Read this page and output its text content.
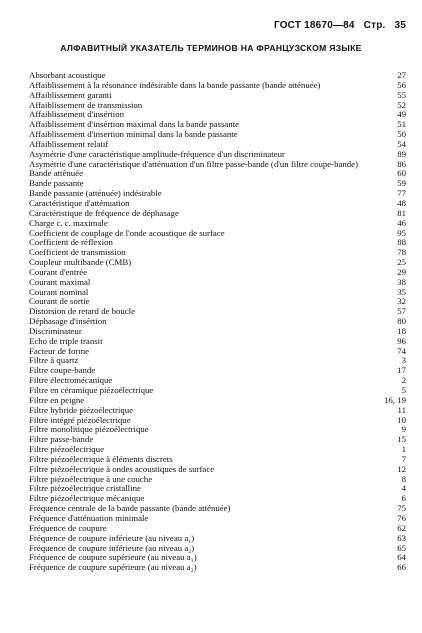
ГОСТ 18670—84 Стр. 35
АЛФАВИТНЫЙ УКАЗАТЕЛЬ ТЕРМИНОВ НА ФРАНЦУЗСКОМ ЯЗЫКЕ
Absorbant acoustique	27
Affaiblissement à la résonance indésirable dans la bande passante (bande atténuée)	56
Affaiblissement garanti	55
Affaiblissement de transmission	52
Affaiblissement d'insértion	49
Affaiblissement d'insértion maximal dans la bande passante	51
Affaiblissement d'insertion minimal dans la bande passante	50
Affaiblissement relatif	54
Asymétrie d'une caractéristique amplitude-fréquence d'un discriminateur	89
Asymétrie d'une caractéristique d'atténuation d'un filtre passe-bande (d'un filtre coupe-bande)	86
Bande attênuée	60
Bande passante	59
Bande passante (atténuée) indésirable	77
Caractéristique d'atténuation	48
Caractéristique de fréquence de déphasage	81
Charge c. c. maximale	46
Coefficient de couplage de l'onde acoustique de surface	95
Coefficient de réflexion	88
Coefficient de transmission	78
Coupleur multibande (CMB)	25
Courant d'entrée	29
Courant maximal	38
Courant nominal	35
Courant de sortie	32
Distorsion de retard de boucle	57
Déphasage d'insértion	80
Discriminateur	18
Echo de triple transit	96
Facteur de forme	74
Filtre à quartz	3
Filtre coupe-bande	17
Filtre électromécanique	2
Filtre en céramique piézoélectrique	5
Filtre en peigne	16, 19
Filtre hybride piézoélectrique	11
Filtre intégré piézoélectrique	10
Filtre monolitique piézoélectrique	9
Filtre passe-bande	15
Filtre piézoélectrique	1
Filtre piézoélectrique à éléments discrets	7
Filtre piézoélectrique à ondes acoustiques de surface	12
Filtre piézoélectrique à une couche	8
Filtre piézoélectrique cristalline	4
Filtre piézoélectrique mécanique	6
Fréquence centrale de la bande passante (bande atténuée)	75
Fréquence d'atténuation minimale	76
Fréquence de coupure	62
Fréquence de coupure inférieure (au niveau a₁)	63
Fréquence de coupure inférieure (au niveau a₂)	65
Fréquence de coupure supérieure (au niveau a₁)	64
Fréquence de coupure supérieure (au niveau a₂)	66
